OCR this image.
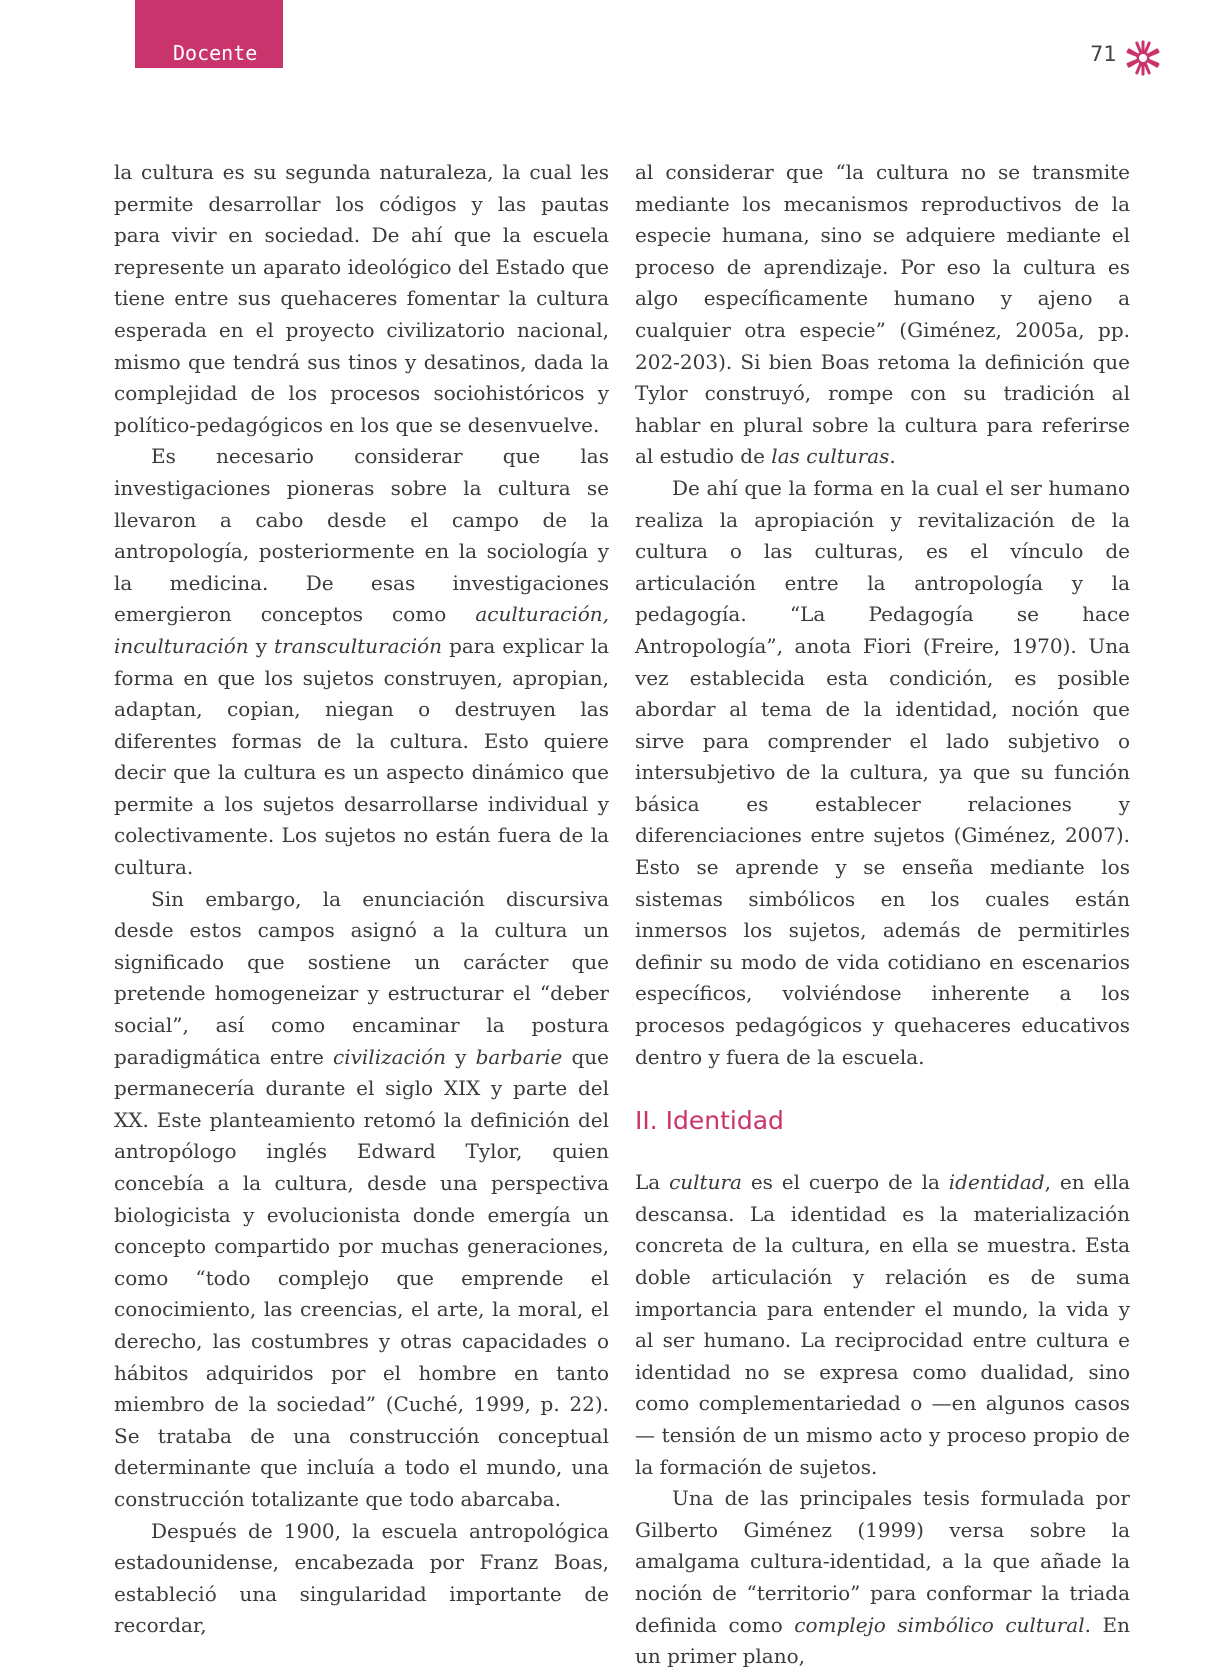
Docente	71

la cultura es su segunda naturaleza, la cual les permite desarrollar los códigos y las pautas para vivir en sociedad. De ahí que la escuela represente un aparato ideológico del Estado que tiene entre sus quehaceres fomentar la cultura esperada en el proyecto civilizatorio nacional, mismo que tendrá sus tinos y desatinos, dada la complejidad de los procesos sociohistóricos y político-pedagógicos en los que se desenvuelve.

Es necesario considerar que las investigaciones pioneras sobre la cultura se llevaron a cabo desde el campo de la antropología, posteriormente en la sociología y la medicina. De esas investigaciones emergieron conceptos como aculturación, inculturación y transculturación para explicar la forma en que los sujetos construyen, apropian, adaptan, copian, niegan o destruyen las diferentes formas de la cultura. Esto quiere decir que la cultura es un aspecto dinámico que permite a los sujetos desarrollarse individual y colectivamente. Los sujetos no están fuera de la cultura.

Sin embargo, la enunciación discursiva desde estos campos asignó a la cultura un significado que sostiene un carácter que pretende homogeneizar y estructurar el “deber social”, así como encaminar la postura paradigmática entre civilización y barbarie que permanecería durante el siglo XIX y parte del XX. Este planteamiento retomó la definición del antropólogo inglés Edward Tylor, quien concebía a la cultura, desde una perspectiva biologicista y evolucionista donde emergía un concepto compartido por muchas generaciones, como “todo complejo que emprende el conocimiento, las creencias, el arte, la moral, el derecho, las costumbres y otras capacidades o hábitos adquiridos por el hombre en tanto miembro de la sociedad” (Cuché, 1999, p. 22). Se trataba de una construcción conceptual determinante que incluía a todo el mundo, una construcción totalizante que todo abarcaba.

Después de 1900, la escuela antropológica estadounidense, encabezada por Franz Boas, estableció una singularidad importante de recordar,

al considerar que “la cultura no se transmite mediante los mecanismos reproductivos de la especie humana, sino se adquiere mediante el proceso de aprendizaje. Por eso la cultura es algo específicamente humano y ajeno a cualquier otra especie” (Giménez, 2005a, pp. 202-203). Si bien Boas retoma la definición que Tylor construyó, rompe con su tradición al hablar en plural sobre la cultura para referirse al estudio de las culturas.

De ahí que la forma en la cual el ser humano realiza la apropiación y revitalización de la cultura o las culturas, es el vínculo de articulación entre la antropología y la pedagogía. “La Pedagogía se hace Antropología”, anota Fiori (Freire, 1970). Una vez establecida esta condición, es posible abordar al tema de la identidad, noción que sirve para comprender el lado subjetivo o intersubjetivo de la cultura, ya que su función básica es establecer relaciones y diferenciaciones entre sujetos (Giménez, 2007). Esto se aprende y se enseña mediante los sistemas simbólicos en los cuales están inmersos los sujetos, además de permitirles definir su modo de vida cotidiano en escenarios específicos, volviéndose inherente a los procesos pedagógicos y quehaceres educativos dentro y fuera de la escuela.

II. Identidad

La cultura es el cuerpo de la identidad, en ella descansa. La identidad es la materialización concreta de la cultura, en ella se muestra. Esta doble articulación y relación es de suma importancia para entender el mundo, la vida y al ser humano. La reciprocidad entre cultura e identidad no se expresa como dualidad, sino como complementariedad o —en algunos casos— tensión de un mismo acto y proceso propio de la formación de sujetos.

Una de las principales tesis formulada por Gilberto Giménez (1999) versa sobre la amalgama cultura-identidad, a la que añade la noción de “territorio” para conformar la triada definida como complejo simbólico cultural. En un primer plano,
